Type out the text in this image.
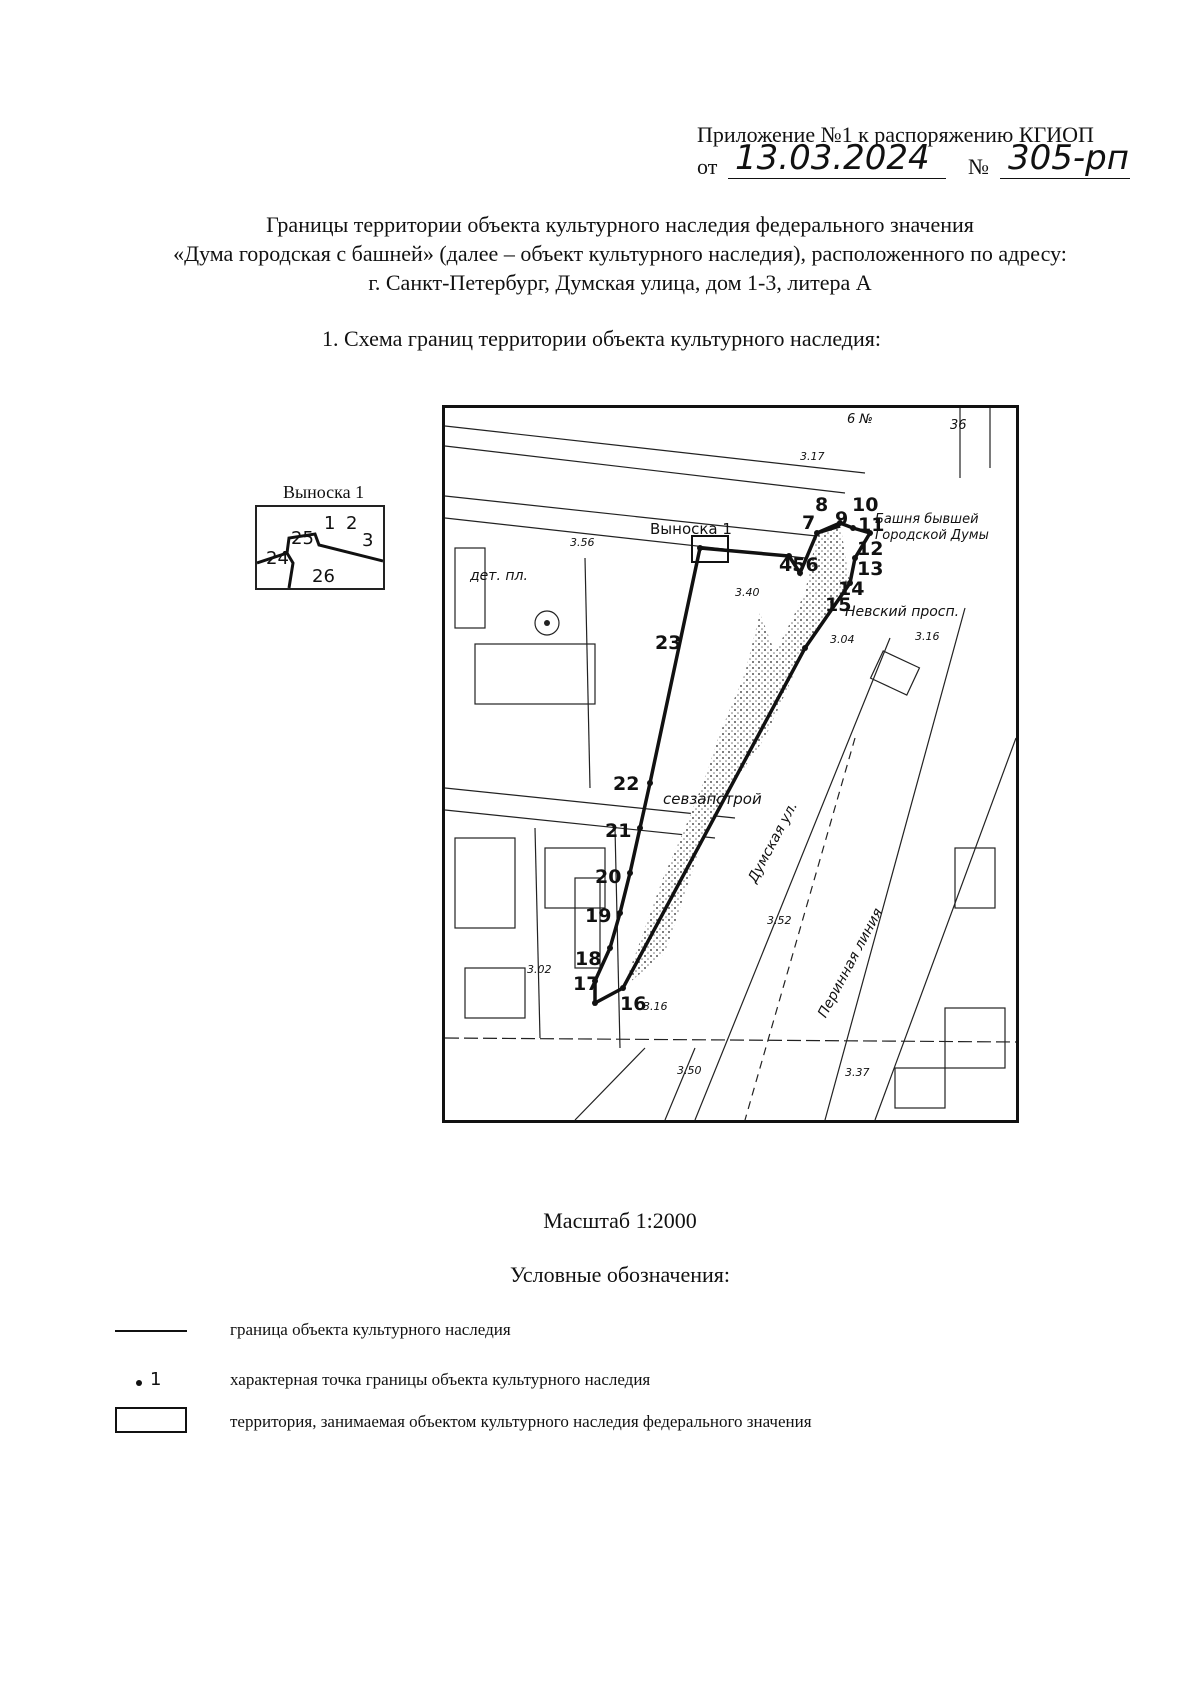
Приложение №1 к распоряжению КГИОП
от 13.03.2024 № 305-рп
Границы территории объекта культурного наследия федерального значения
«Дума городская с башней» (далее – объект культурного наследия), расположенного по адресу:
г. Санкт-Петербург, Думская улица, дом 1-3, литера А
1. Схема границ территории объекта культурного наследия:
Выноска 1
1 2
3
24
25
26
Выноска 1
456
7
8
9
10
11
12
13
14
15
16
17
18
19
20
21
22
23
Думская ул.
Перинная линия
Невский просп.
Башня бывшей Городской Думы
севзапстрой
дет. пл.
3.17
3.56
3.40
3.04	3.16
3.52
3.50	3.37
3.02
3.16
36
6 №
Масштаб 1:2000
Условные обозначения:
граница объекта культурного наследия
1	характерная точка границы объекта культурного наследия
территория, занимаемая объектом культурного наследия федерального значения
